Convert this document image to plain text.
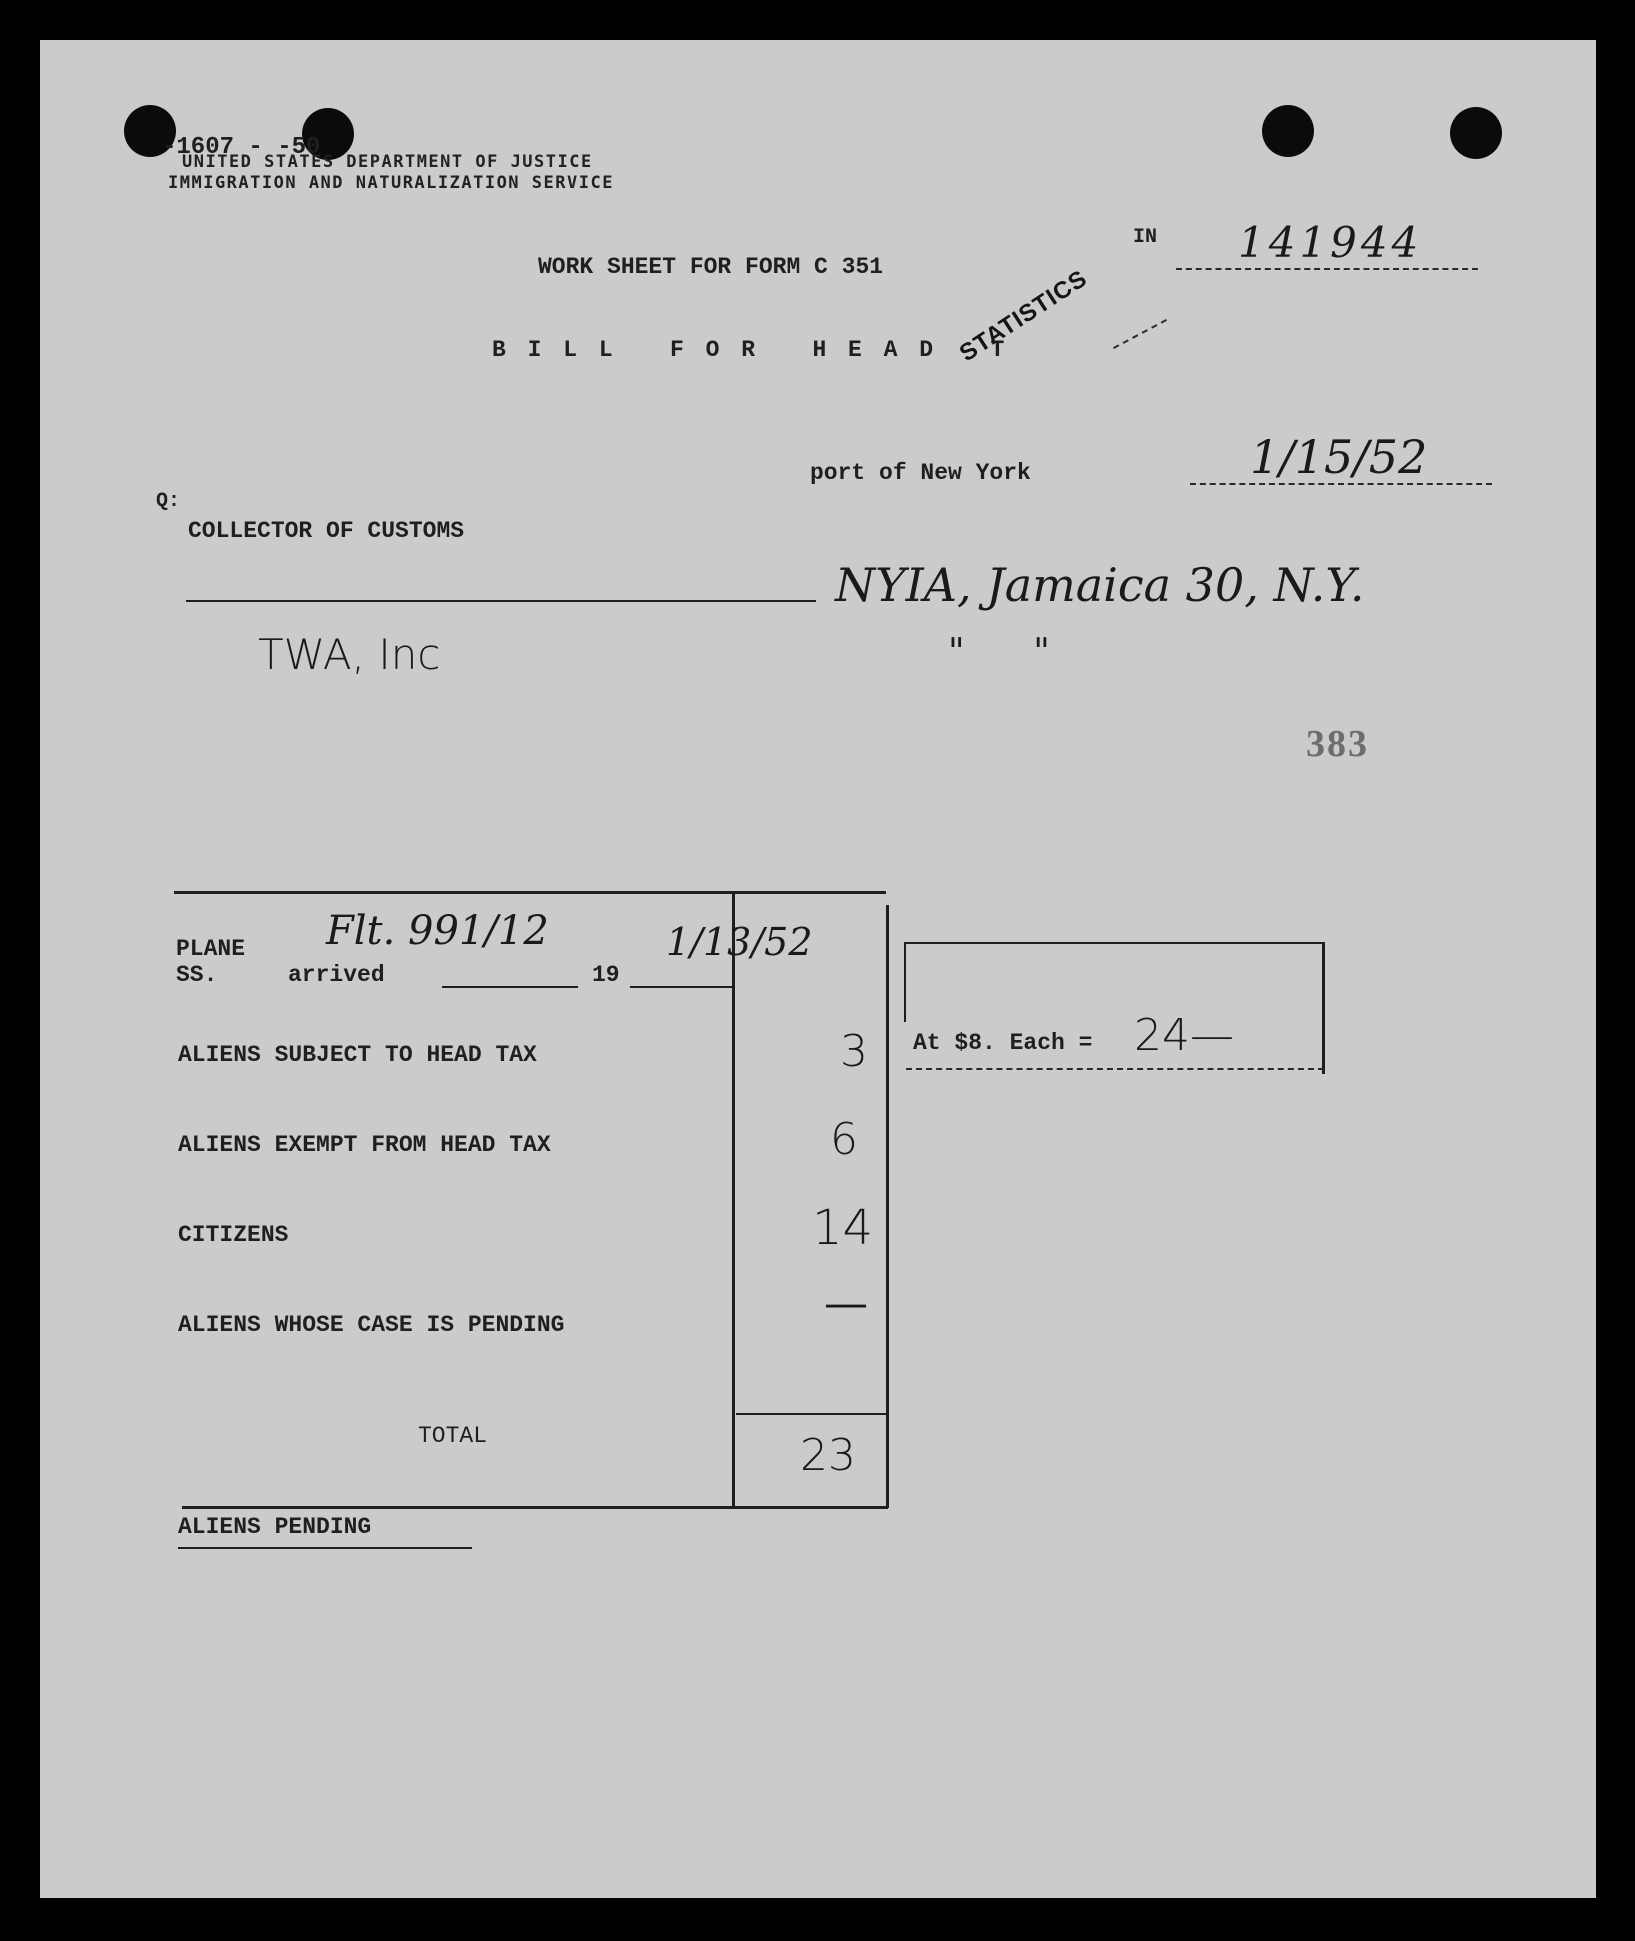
-1607 - -50
UNITED STATES DEPARTMENT OF JUSTICE
IMMIGRATION AND NATURALIZATION SERVICE
WORK SHEET FOR FORM C 351
B I L L   F O R   H E A D   T
STATISTICS
IN 141944
port of New York	1/15/52
Q:
COLLECTOR OF CUSTOMS
NYIA, Jamaica 30, N.Y.
TWA, Inc	"      "
383
PLANE
SS.	arrived	19
Flt. 991/12	1/13/52
ALIENS SUBJECT TO HEAD TAX	3
ALIENS EXEMPT FROM HEAD TAX	6
CITIZENS	14
ALIENS WHOSE CASE IS PENDING	—
TOTAL	23
At $8. Each = 24—
ALIENS PENDING
